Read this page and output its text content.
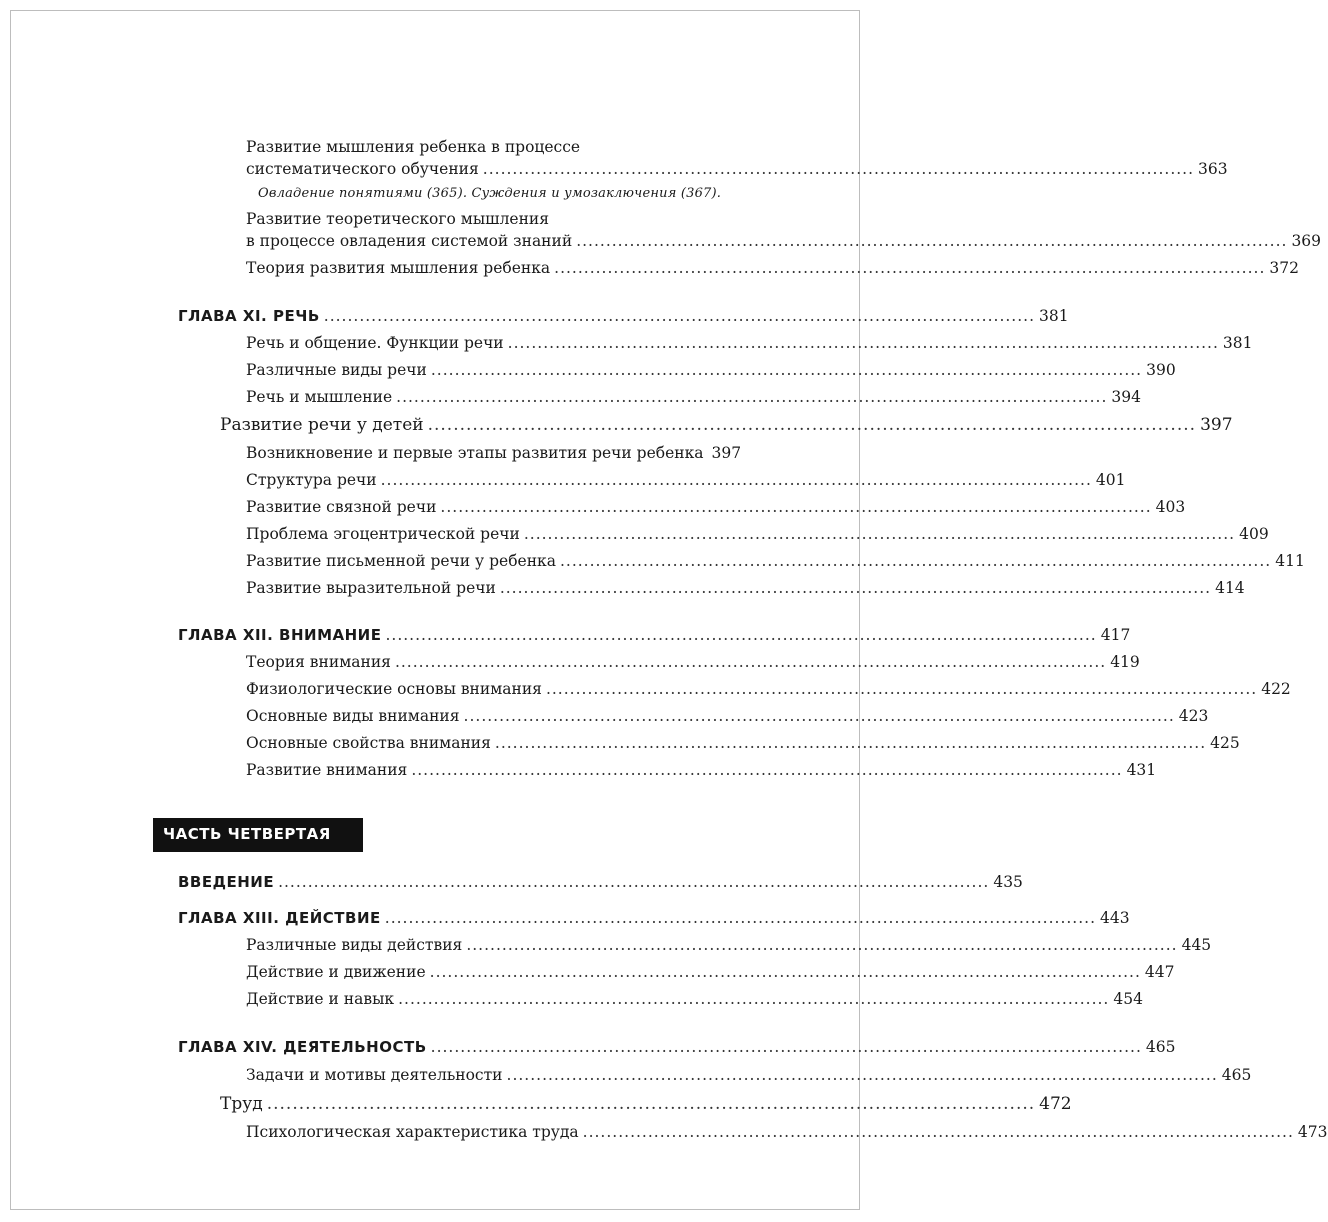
Развитие мышления ребенка в процессе
систематического обучения ........................................................................................................................ 363
Овладение понятиями (365). Суждения и умозаключения (367).
Развитие теоретического мышления
в процессе овладения системой знаний ........................................................................................................................ 369
Теория развития мышления ребенка ........................................................................................................................ 372
ГЛАВА XI. РЕЧЬ ........................................................................................................................ 381
Речь и общение. Функции речи ........................................................................................................................ 381
Различные виды речи ........................................................................................................................ 390
Речь и мышление ........................................................................................................................ 394
Развитие речи у детей ........................................................................................................................ 397
Возникновение и первые этапы развития речи ребенка 397
Структура речи ........................................................................................................................ 401
Развитие связной речи ........................................................................................................................ 403
Проблема эгоцентрической речи ........................................................................................................................ 409
Развитие письменной речи у ребенка ........................................................................................................................ 411
Развитие выразительной речи ........................................................................................................................ 414
ГЛАВА XII. ВНИМАНИЕ ........................................................................................................................ 417
Теория внимания ........................................................................................................................ 419
Физиологические основы внимания ........................................................................................................................ 422
Основные виды внимания ........................................................................................................................ 423
Основные свойства внимания ........................................................................................................................ 425
Развитие внимания ........................................................................................................................ 431
ЧАСТЬ ЧЕТВЕРТАЯ
ВВЕДЕНИЕ ........................................................................................................................ 435
ГЛАВА XIII. ДЕЙСТВИЕ ........................................................................................................................ 443
Различные виды действия ........................................................................................................................ 445
Действие и движение ........................................................................................................................ 447
Действие и навык ........................................................................................................................ 454
ГЛАВА XIV. ДЕЯТЕЛЬНОСТЬ ........................................................................................................................ 465
Задачи и мотивы деятельности ........................................................................................................................ 465
Труд ........................................................................................................................ 472
Психологическая характеристика труда ........................................................................................................................ 473
